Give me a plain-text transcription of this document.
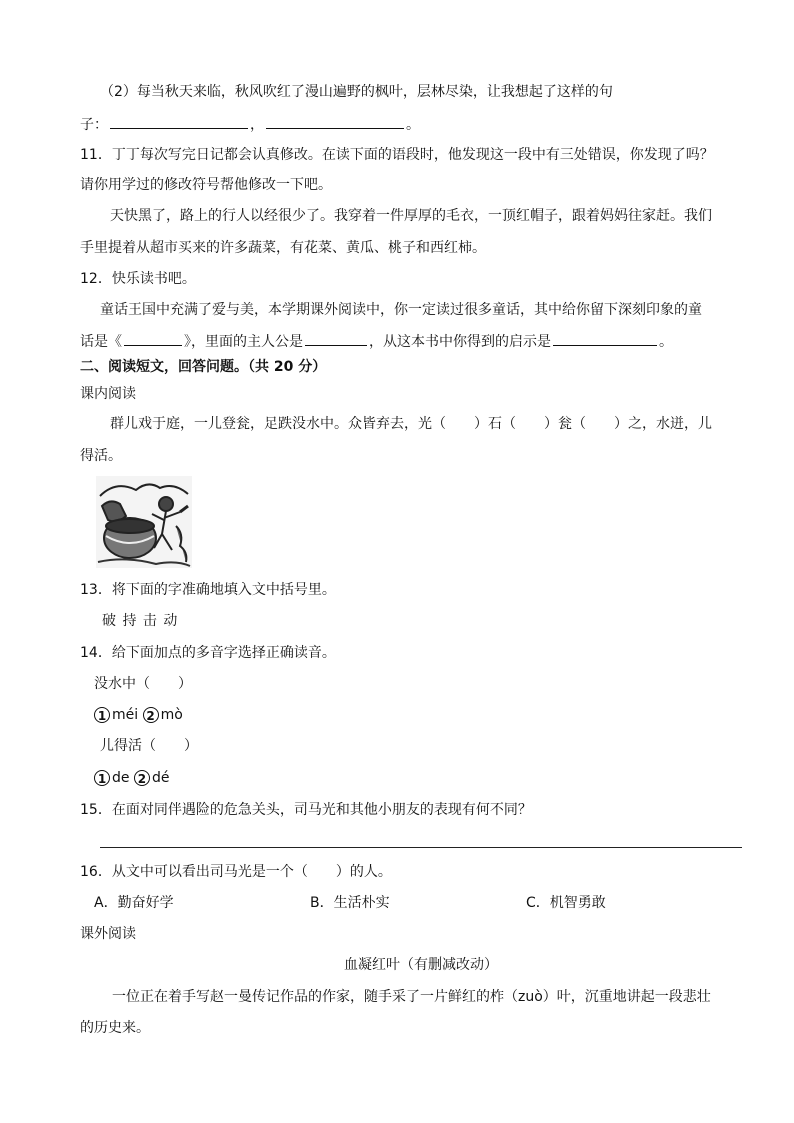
（2）每当秋天来临，秋风吹红了漫山遍野的枫叶，层林尽染，让我想起了这样的句
子：	，	。
11．丁丁每次写完日记都会认真修改。在读下面的语段时，他发现这一段中有三处错误，你发现了吗？
请你用学过的修改符号帮他修改一下吧。
天快黑了，路上的行人以经很少了。我穿着一件厚厚的毛衣，一顶红帽子，跟着妈妈往家赶。我们
手里提着从超市买来的许多蔬菜，有花菜、黄瓜、桃子和西红柿。
12．快乐读书吧。
童话王国中充满了爱与美，本学期课外阅读中，你一定读过很多童话，其中给你留下深刻印象的童
话是《	》，里面的主人公是	，从这本书中你得到的启示是	。
二、阅读短文，回答问题。（共 20 分）
课内阅读
群儿戏于庭，一儿登瓮，足跌没水中。众皆弃去，光（　　）石（　　）瓮（　　）之，水迸，儿
得活。
13．将下面的字准确地填入文中括号里。
破 持 击 动
14．给下面加点的多音字选择正确读音。
没水中（　　）
1 méi 2 mò
儿得活（　　）
1 de 2 dé
15．在面对同伴遇险的危急关头，司马光和其他小朋友的表现有何不同？
16．从文中可以看出司马光是一个（　　）的人。
A．勤奋好学	B．生活朴实	C．机智勇敢
课外阅读
血凝红叶（有删减改动）
一位正在着手写赵一曼传记作品的作家，随手采了一片鲜红的柞（zuò）叶，沉重地讲起一段悲壮
的历史来。
